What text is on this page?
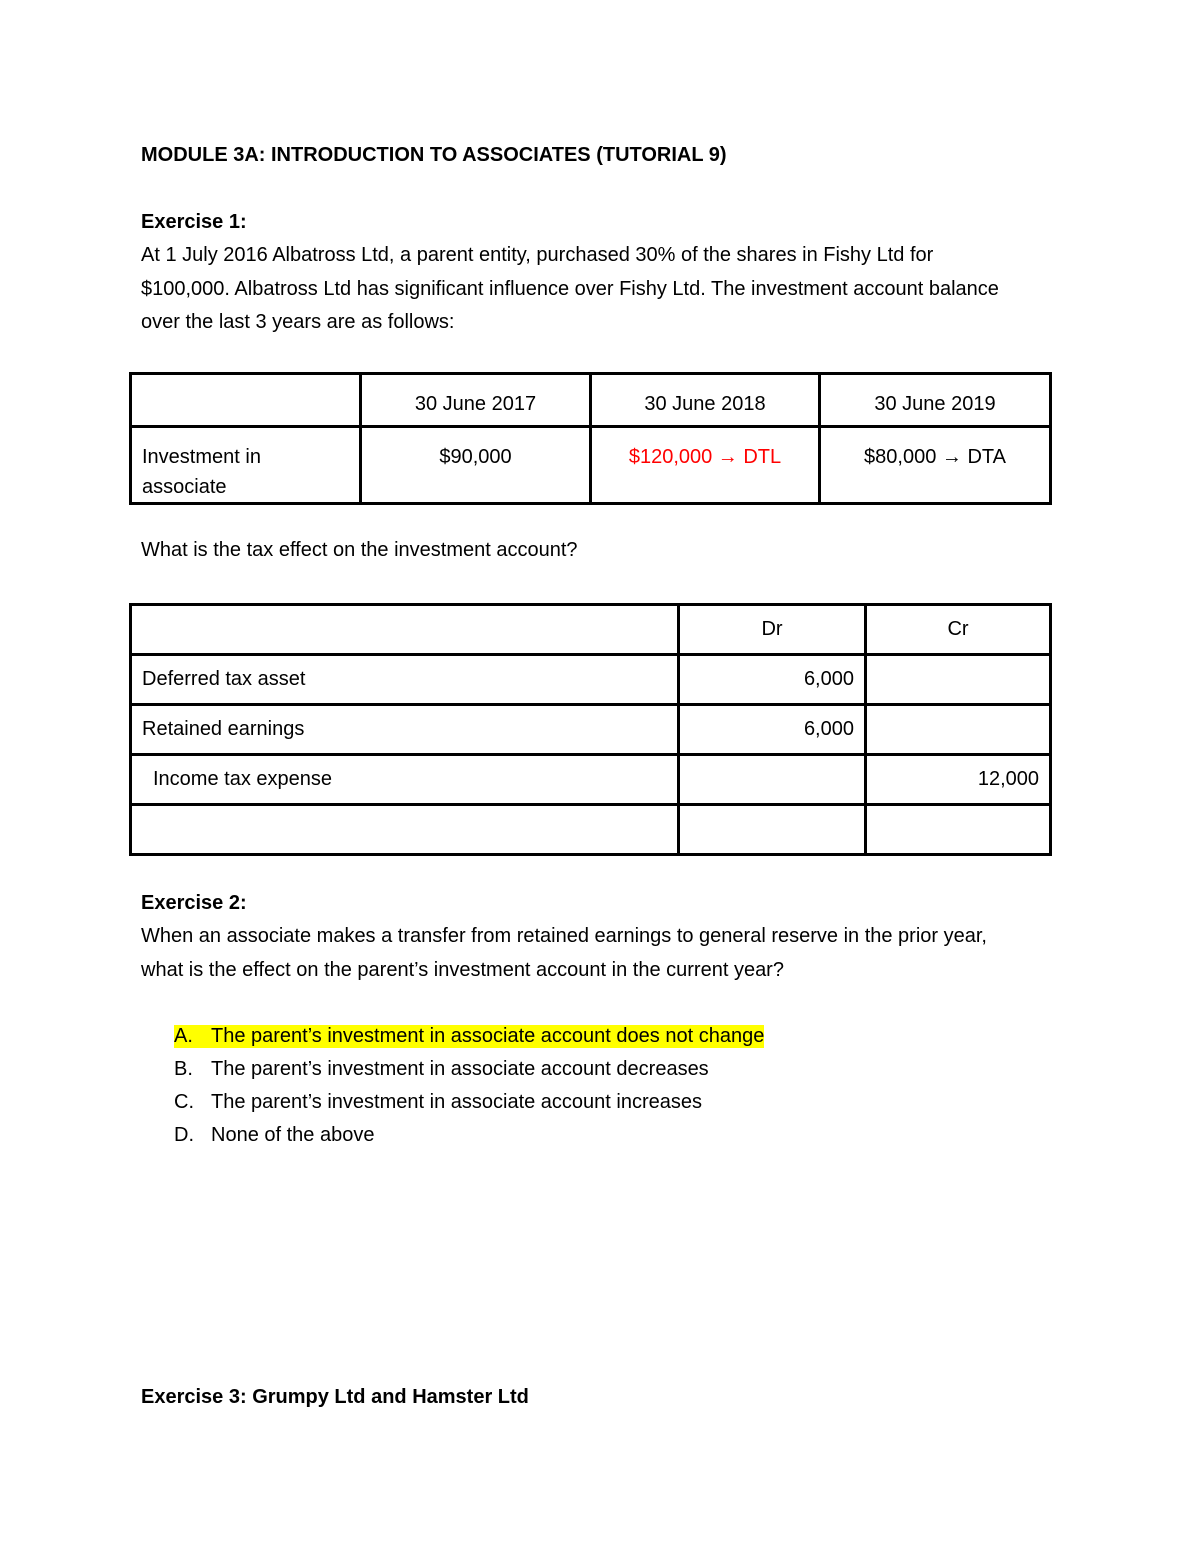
MODULE 3A: INTRODUCTION TO ASSOCIATES (TUTORIAL 9)
Exercise 1:
At 1 July 2016 Albatross Ltd, a parent entity, purchased 30% of the shares in Fishy Ltd for
$100,000. Albatross Ltd has significant influence over Fishy Ltd. The investment account balance
over the last 3 years are as follows:
	30 June 2017	30 June 2018	30 June 2019
Investment in associate	$90,000	$120,000 → DTL	$80,000 → DTA
What is the tax effect on the investment account?
	Dr	Cr
Deferred tax asset	6,000	
Retained earnings	6,000	
Income tax expense		12,000

Exercise 2:
When an associate makes a transfer from retained earnings to general reserve in the prior year,
what is the effect on the parent’s investment account in the current year?
A. The parent’s investment in associate account does not change
B. The parent’s investment in associate account decreases
C. The parent’s investment in associate account increases
D. None of the above
Exercise 3: Grumpy Ltd and Hamster Ltd
